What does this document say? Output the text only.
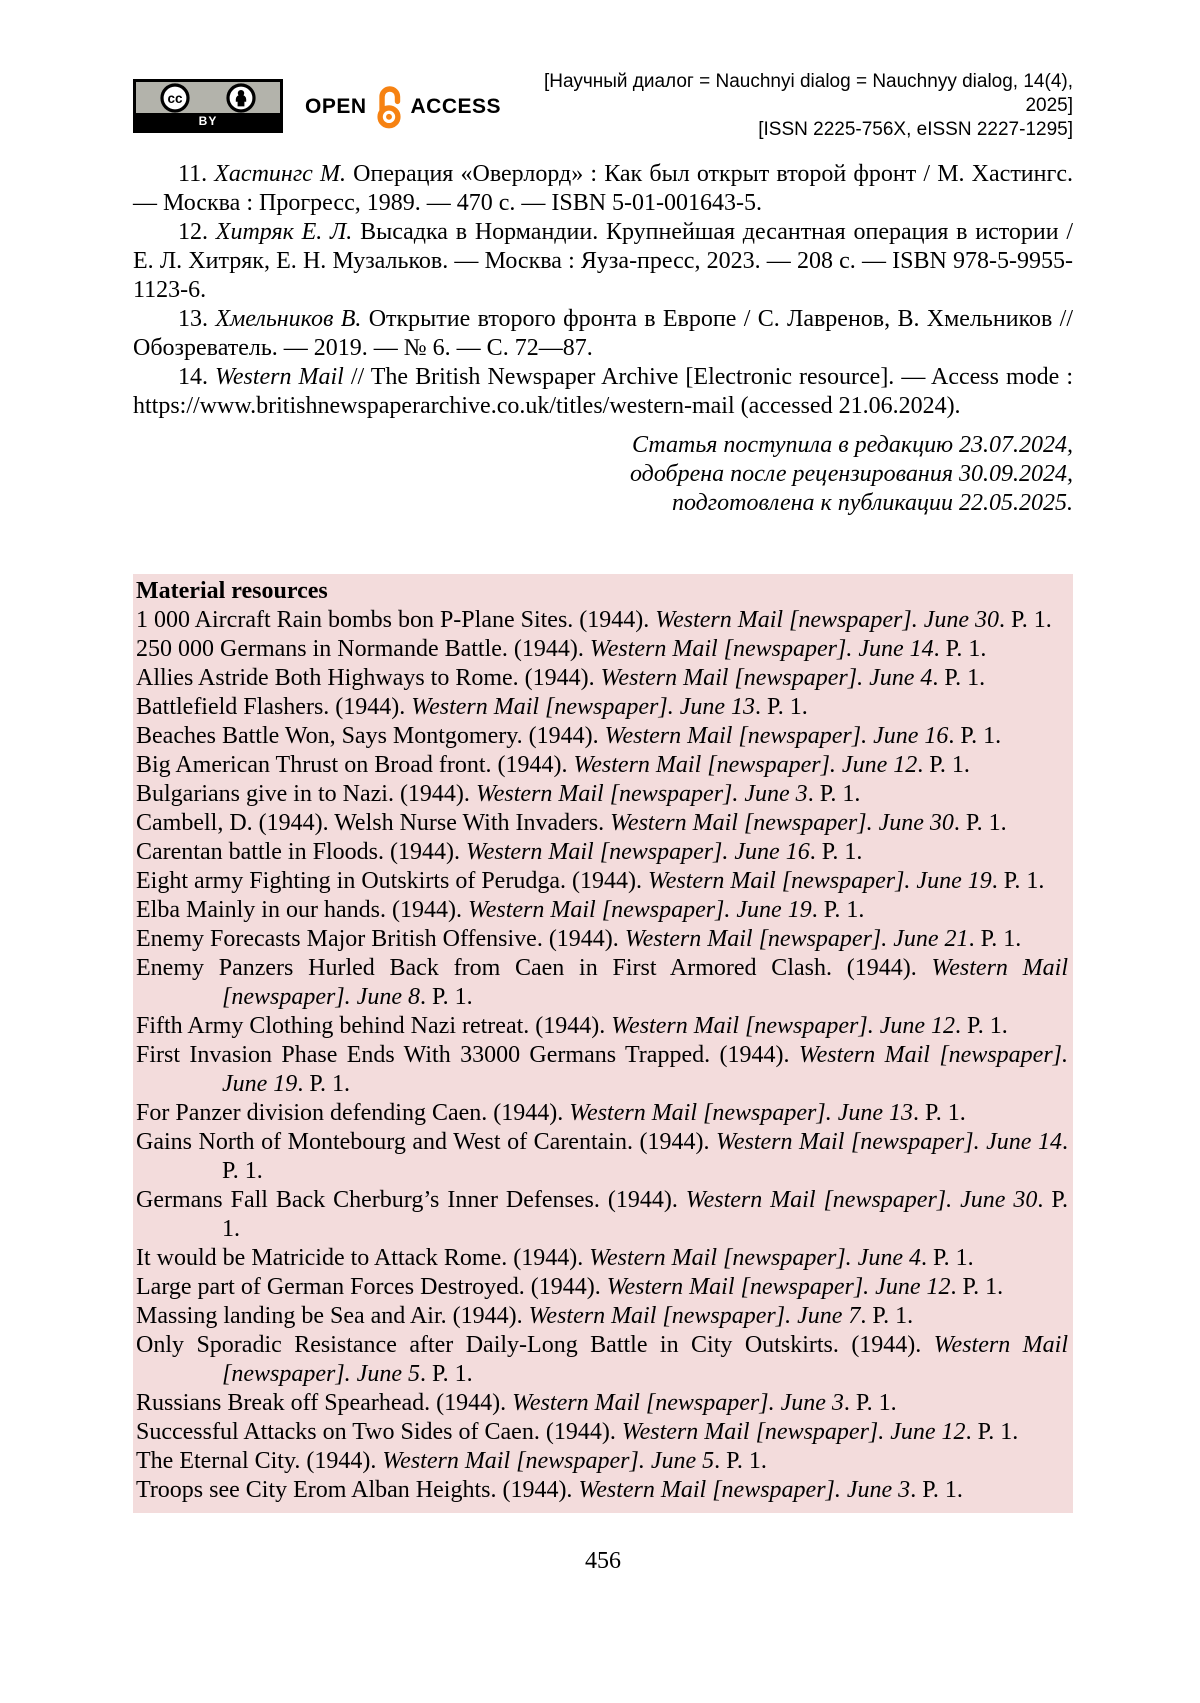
cc
BY
OPEN ACCESS
[Научный диалог = Nauchnyi dialog = Nauchnyy dialog, 14(4), 2025]
[ISSN 2225-756X, eISSN 2227-1295]

11. Хастингс М. Операция «Оверлорд» : Как был открыт второй фронт / М. Хастингс. — Москва : Прогресс, 1989. — 470 с. — ISBN 5-01-001643-5.

12. Хитряк Е. Л. Высадка в Нормандии. Крупнейшая десантная операция в истории / Е. Л. Хитряк, Е. Н. Музальков. — Москва : Яуза-пресс, 2023. — 208 с. — ISBN 978-5-9955-1123-6.

13. Хмельников В. Открытие второго фронта в Европе / С. Лавренов, В. Хмельников // Обозреватель. — 2019. — № 6. — С. 72—87.

14. Western Mail // The British Newspaper Archive [Electronic resource]. — Access mode : https://www.britishnewspaperarchive.co.uk/titles/western-mail (accessed 21.06.2024).

Статья поступила в редакцию 23.07.2024,
одобрена после рецензирования 30.09.2024,
подготовлена к публикации 22.05.2025.
Material resources

1 000 Aircraft Rain bombs bon P-Plane Sites. (1944). Western Mail [newspaper]. June 30. P. 1.

250 000 Germans in Normande Battle. (1944). Western Mail [newspaper]. June 14. P. 1.

Allies Astride Both Highways to Rome. (1944). Western Mail [newspaper]. June 4. P. 1.

Battlefield Flashers. (1944). Western Mail [newspaper]. June 13. P. 1.

Beaches Battle Won, Says Montgomery. (1944). Western Mail [newspaper]. June 16. P. 1.

Big American Thrust on Broad front. (1944). Western Mail [newspaper]. June 12. P. 1.

Bulgarians give in to Nazi. (1944). Western Mail [newspaper]. June 3. P. 1.

Cambell, D. (1944). Welsh Nurse With Invaders. Western Mail [newspaper]. June 30. P. 1.

Carentan battle in Floods. (1944). Western Mail [newspaper]. June 16. P. 1.

Eight army Fighting in Outskirts of Perudga. (1944). Western Mail [newspaper]. June 19. P. 1.

Elba Mainly in our hands. (1944). Western Mail [newspaper]. June 19. P. 1.

Enemy Forecasts Major British Offensive. (1944). Western Mail [newspaper]. June 21. P. 1.

Enemy Panzers Hurled Back from Caen in First Armored Clash. (1944). Western Mail [newspaper]. June 8. P. 1.

Fifth Army Clothing behind Nazi retreat. (1944). Western Mail [newspaper]. June 12. P. 1.

First Invasion Phase Ends With 33000 Germans Trapped. (1944). Western Mail [newspaper]. June 19. P. 1.

For Panzer division defending Caen. (1944). Western Mail [newspaper]. June 13. P. 1.

Gains North of Montebourg and West of Carentain. (1944). Western Mail [newspaper]. June 14. P. 1.

Germans Fall Back Cherburg’s Inner Defenses. (1944). Western Mail [newspaper]. June 30. P. 1.

It would be Matricide to Attack Rome. (1944). Western Mail [newspaper]. June 4. P. 1.

Large part of German Forces Destroyed. (1944). Western Mail [newspaper]. June 12. P. 1.

Massing landing be Sea and Air. (1944). Western Mail [newspaper]. June 7. P. 1.

Only Sporadic Resistance after Daily-Long Battle in City Outskirts. (1944). Western Mail [newspaper]. June 5. P. 1.

Russians Break off Spearhead. (1944). Western Mail [newspaper]. June 3. P. 1.

Successful Attacks on Two Sides of Caen. (1944). Western Mail [newspaper]. June 12. P. 1.

The Eternal City. (1944). Western Mail [newspaper]. June 5. P. 1.

Troops see City Erom Alban Heights. (1944). Western Mail [newspaper]. June 3. P. 1.

456
